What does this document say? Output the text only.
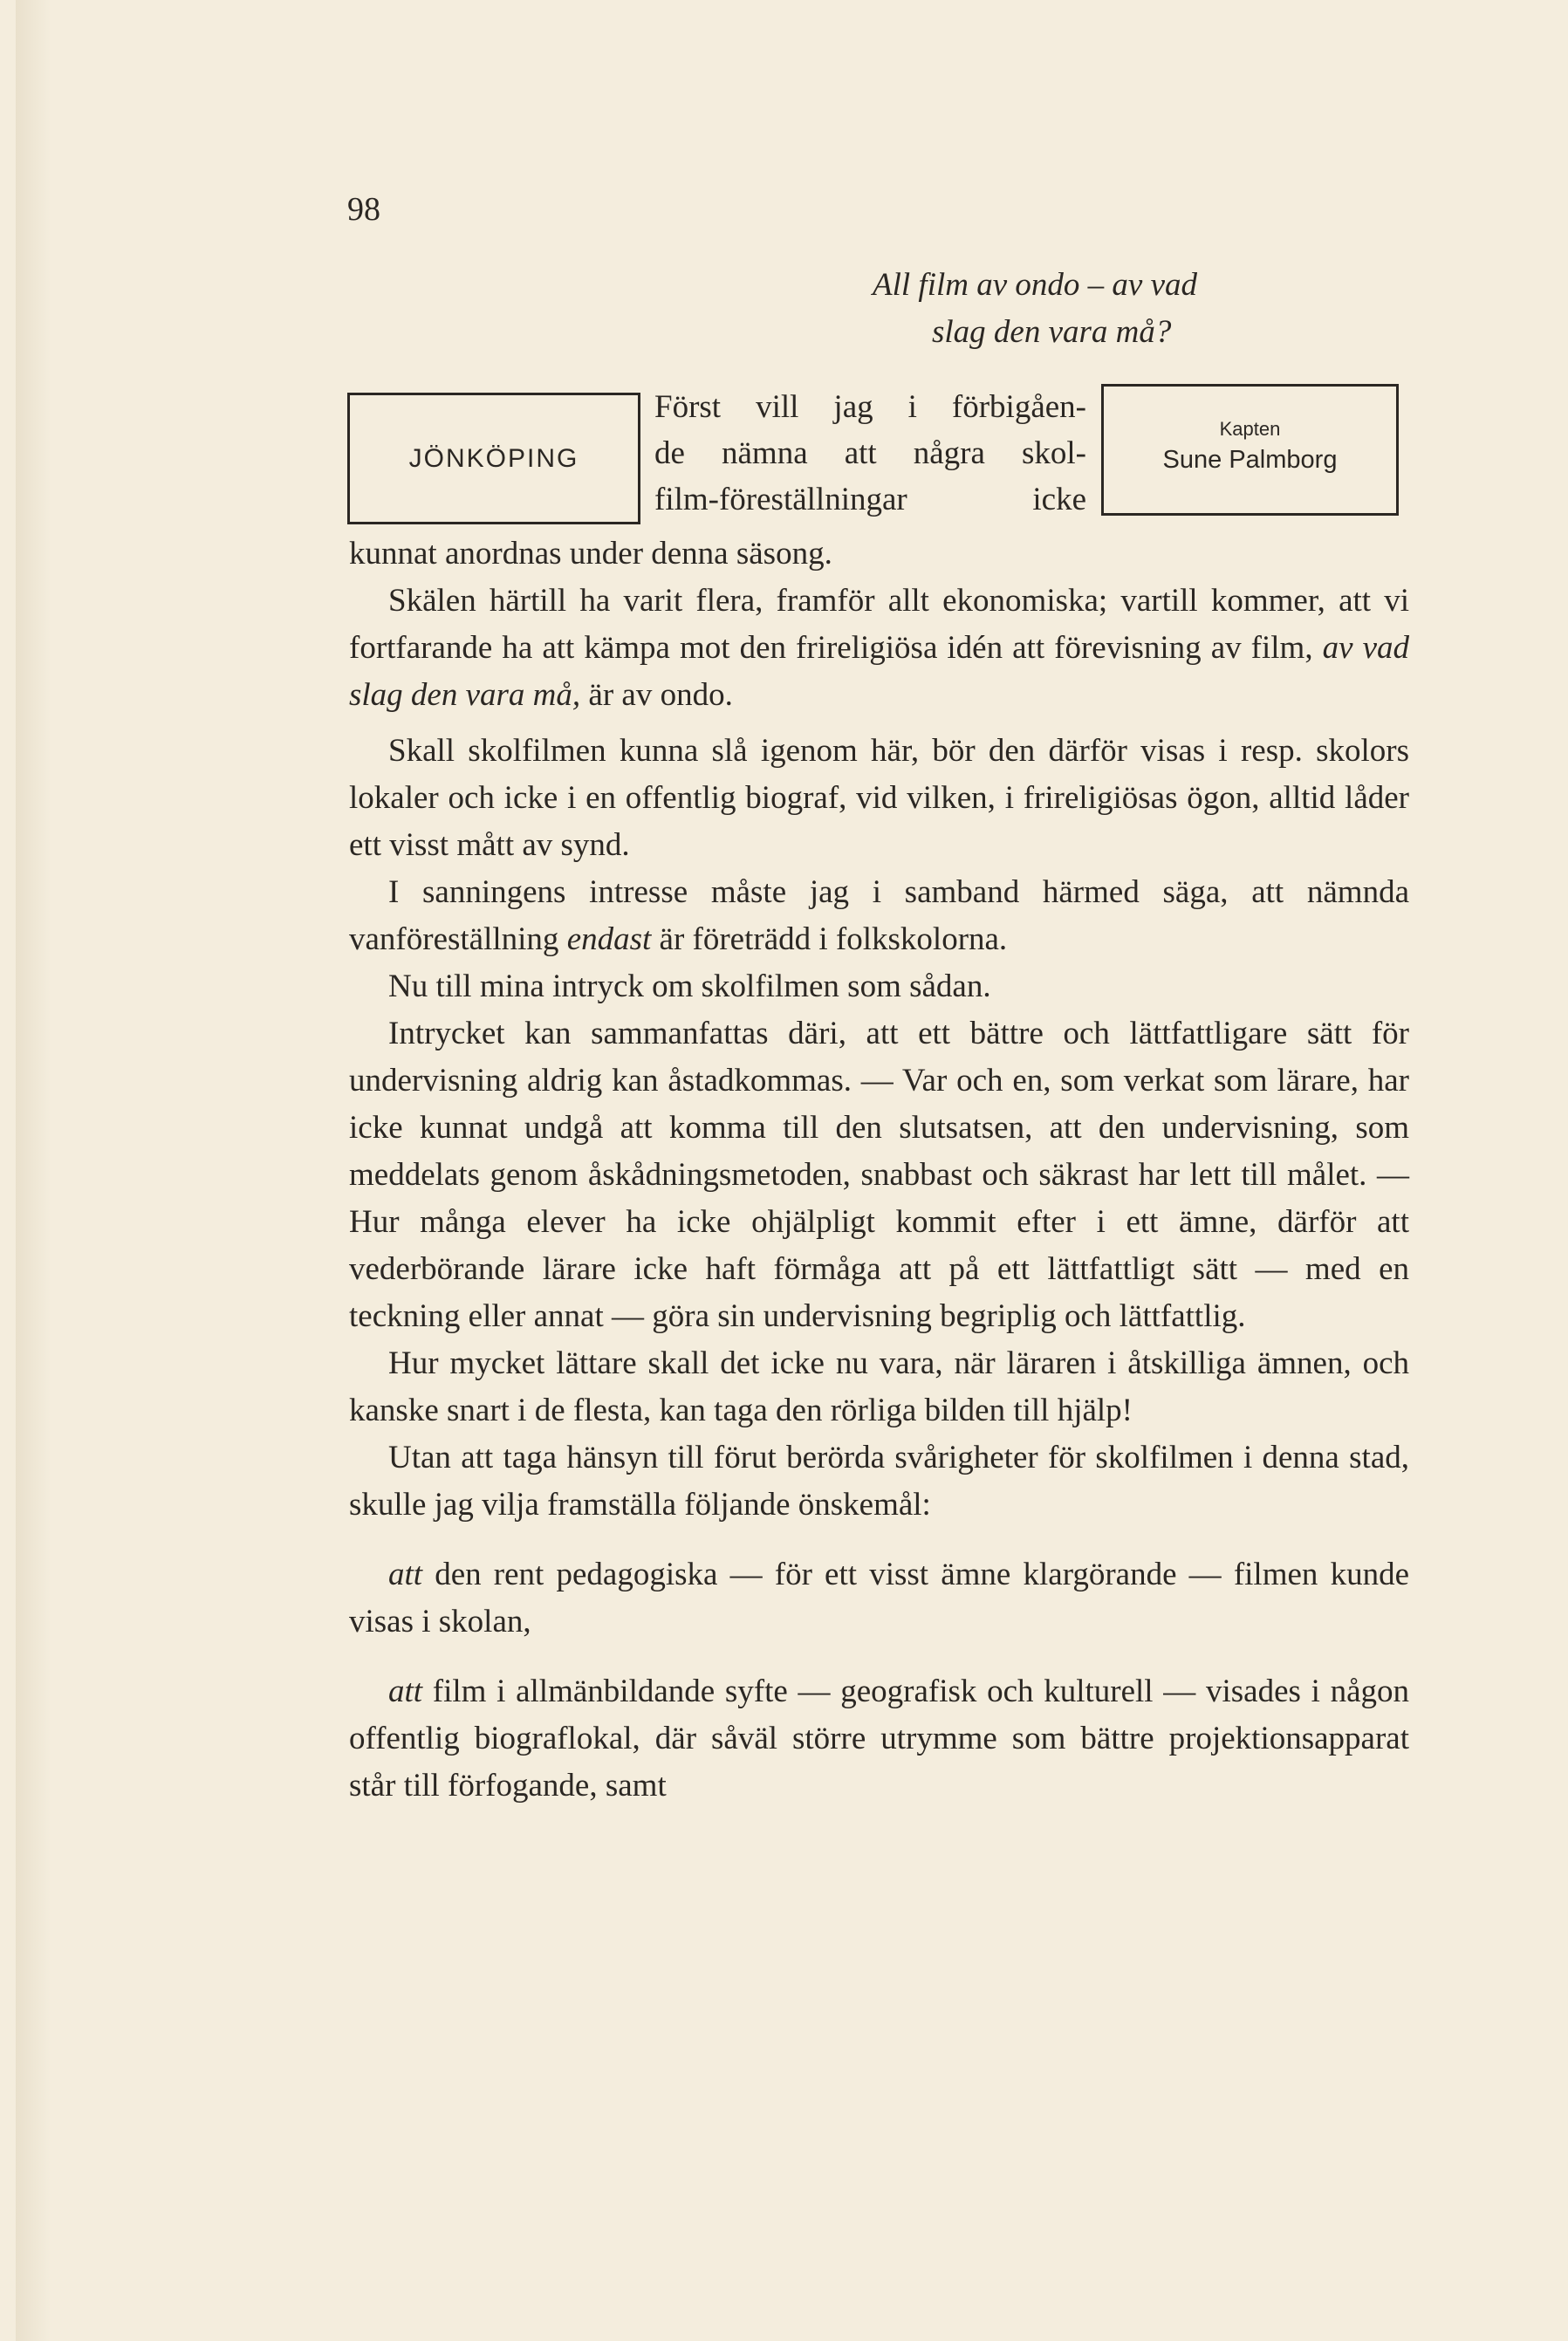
98
All film av ondo – av vad
slag den vara må?
JÖNKÖPING
Först vill jag i förbigåen-
de nämna att några skol-
film-föreställningar icke
Kapten
Sune Palmborg

kunnat anordnas under denna säsong.

Skälen härtill ha varit flera, framför allt ekonomiska; vartill kommer, att vi fortfarande ha att kämpa mot den frireligiösa idén att förevisning av film, av vad slag den vara må, är av ondo.

Skall skolfilmen kunna slå igenom här, bör den därför visas i resp. skolors lokaler och icke i en offentlig biograf, vid vilken, i frireligiösas ögon, alltid låder ett visst mått av synd.

I sanningens intresse måste jag i samband härmed säga, att nämnda vanföreställning endast är företrädd i folkskolorna.

Nu till mina intryck om skolfilmen som sådan.

Intrycket kan sammanfattas däri, att ett bättre och lättfattligare sätt för undervisning aldrig kan åstadkommas. — Var och en, som verkat som lärare, har icke kunnat undgå att komma till den slutsatsen, att den undervisning, som meddelats genom åskådningsmetoden, snabbast och säkrast har lett till målet. — Hur många elever ha icke ohjälpligt kommit efter i ett ämne, därför att vederbörande lärare icke haft förmåga att på ett lättfattligt sätt — med en teckning eller annat — göra sin undervisning begriplig och lättfattlig.

Hur mycket lättare skall det icke nu vara, när läraren i åtskilliga ämnen, och kanske snart i de flesta, kan taga den rörliga bilden till hjälp!

Utan att taga hänsyn till förut berörda svårigheter för skolfilmen i denna stad, skulle jag vilja framställa följande önskemål:

att den rent pedagogiska — för ett visst ämne klargörande — filmen kunde visas i skolan,

att film i allmänbildande syfte — geografisk och kulturell — visades i någon offentlig biograflokal, där såväl större utrymme som bättre projektionsapparat står till förfogande, samt
